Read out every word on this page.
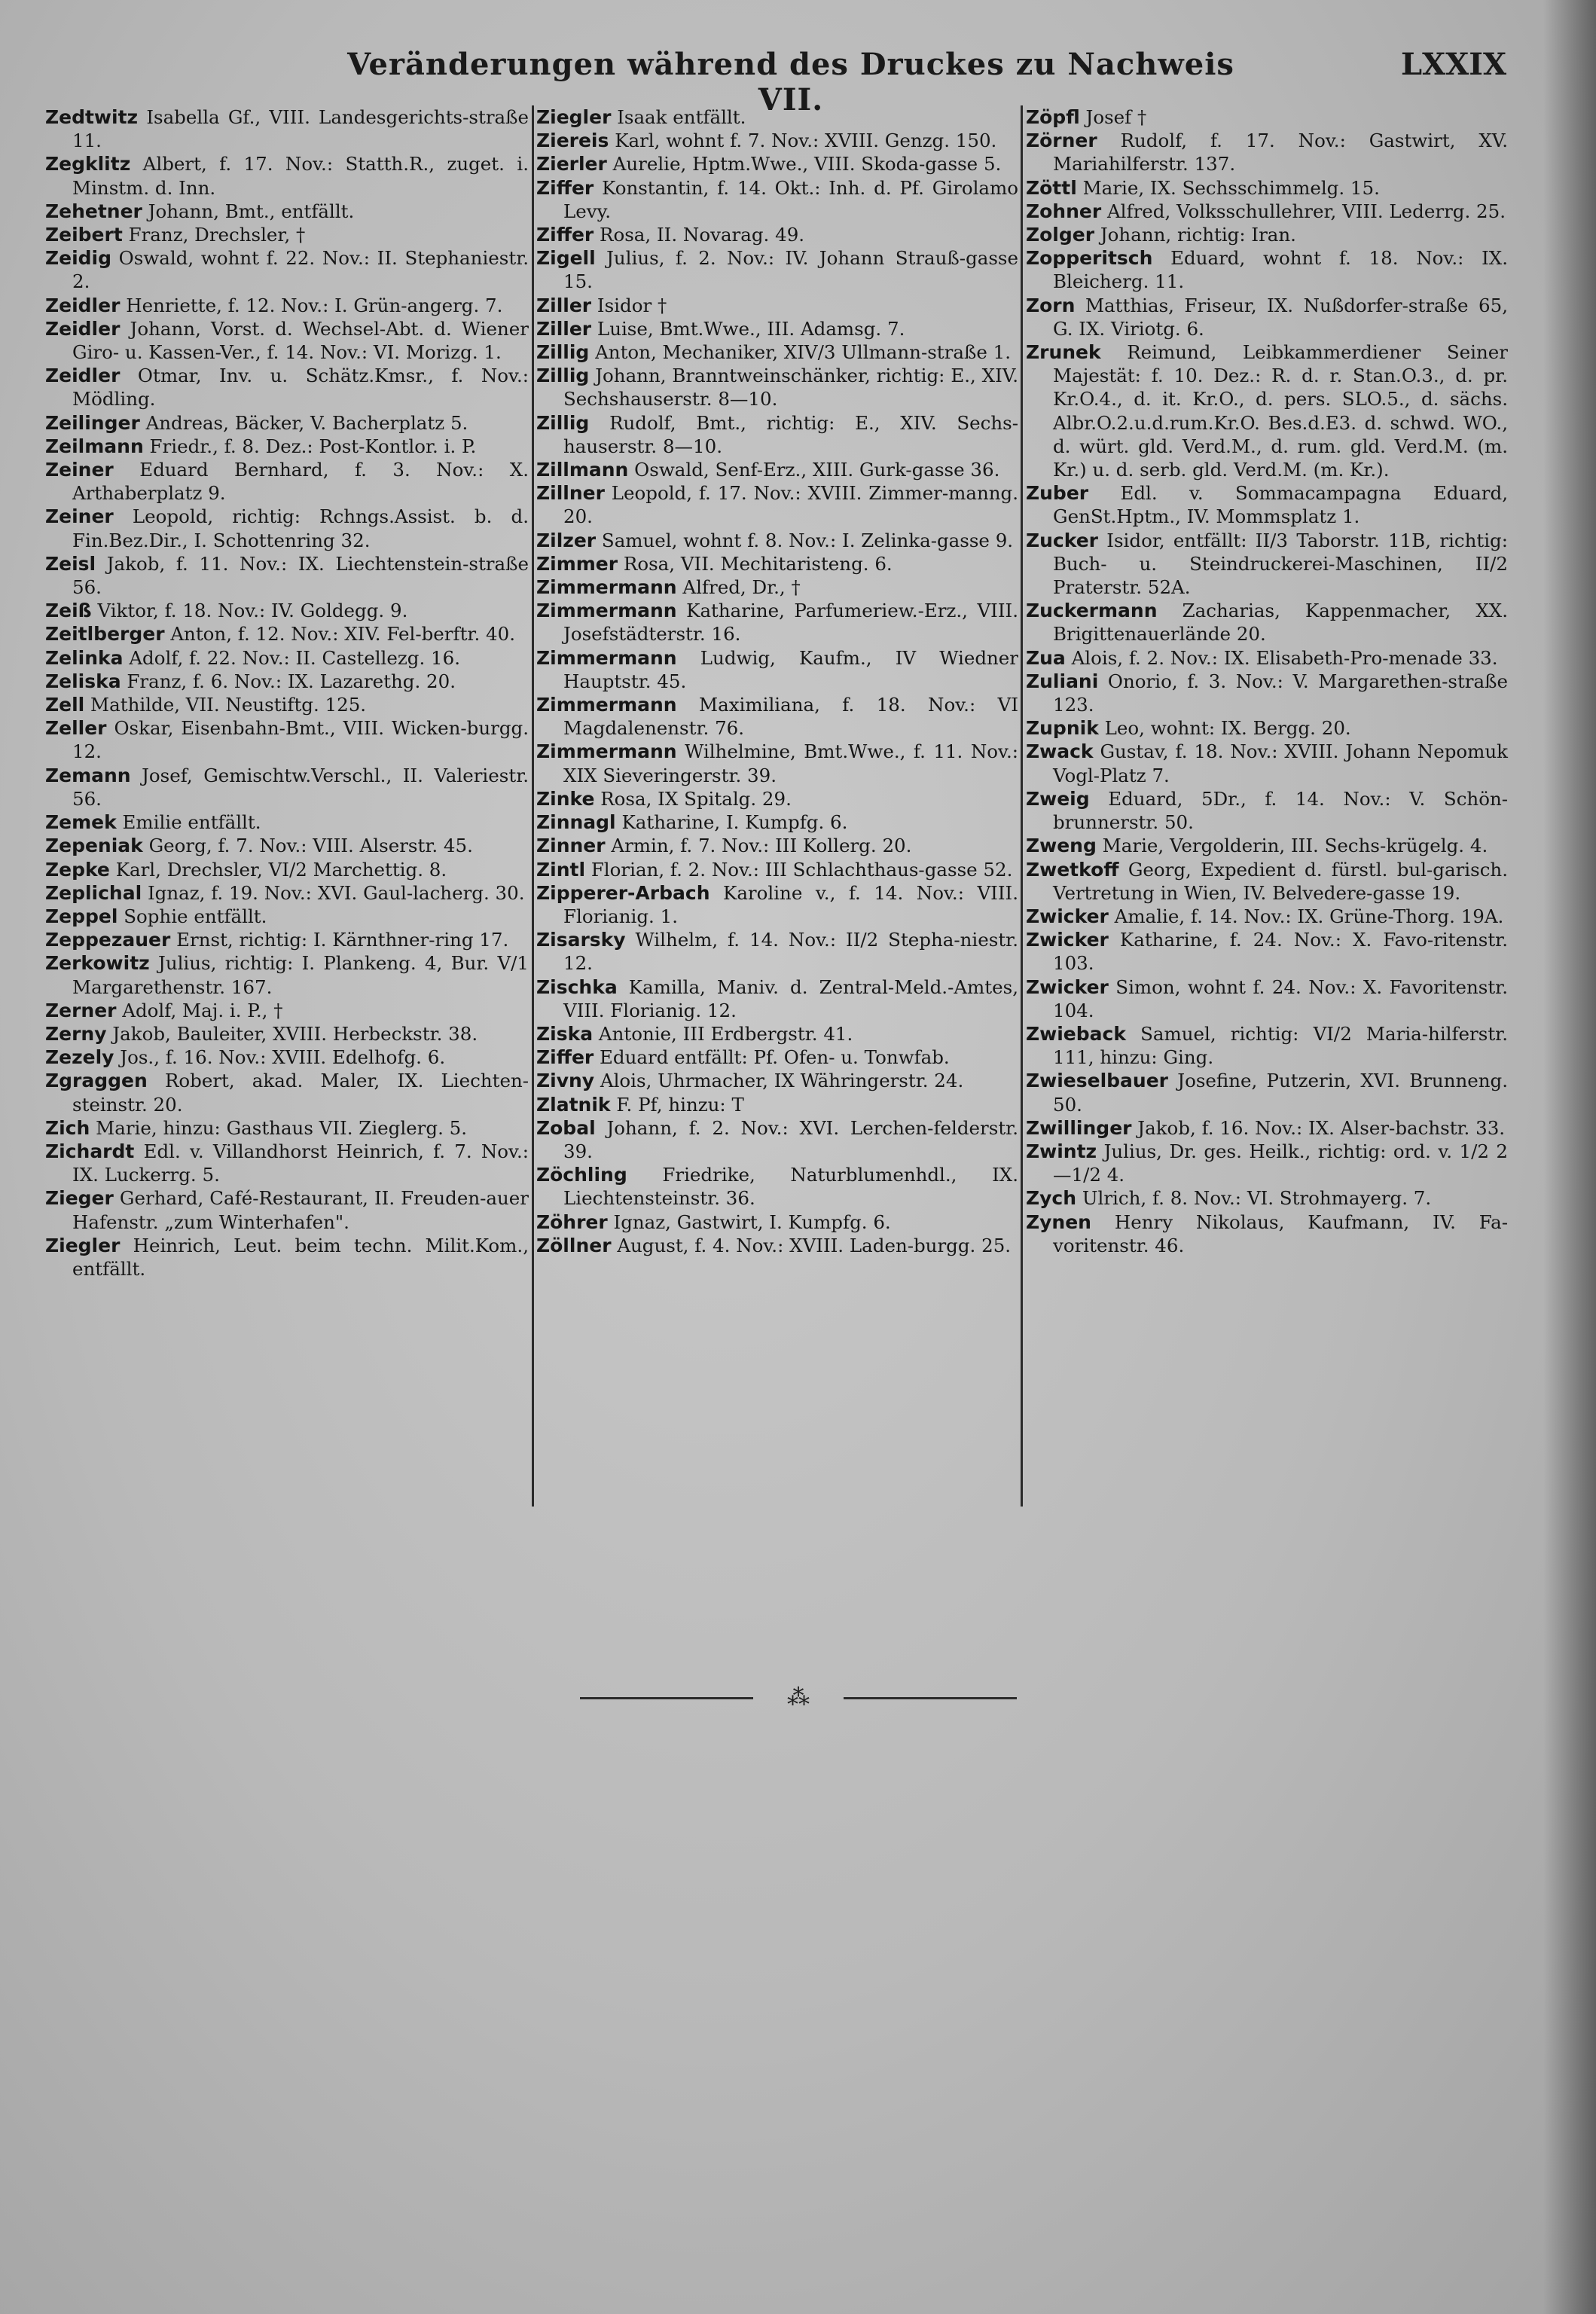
Veränderungen während des Druckes zu Nachweis VII.
LXXIX
Zedtwitz Isabella Gf., VIII. Landesgerichts-straße 11.
Zegklitz Albert, f. 17. Nov.: Statth.R., zuget. i. Minstm. d. Inn.
Zehetner Johann, Bmt., entfällt.
Zeibert Franz, Drechsler, †
Zeidig Oswald, wohnt f. 22. Nov.: II. Stephaniestr. 2.
Zeidler Henriette, f. 12. Nov.: I. Grün-angerg. 7.
Zeidler Johann, Vorst. d. Wechsel-Abt. d. Wiener Giro- u. Kassen-Ver., f. 14. Nov.: VI. Morizg. 1.
Zeidler Otmar, Inv. u. Schätz.Kmsr., f. Nov.: Mödling.
Zeilinger Andreas, Bäcker, V. Bacherplatz 5.
Zeilmann Friedr., f. 8. Dez.: Post-Kontlor. i. P.
Zeiner Eduard Bernhard, f. 3. Nov.: X. Arthaberplatz 9.
Zeiner Leopold, richtig: Rchngs.Assist. b. d. Fin.Bez.Dir., I. Schottenring 32.
Zeisl Jakob, f. 11. Nov.: IX. Liechtenstein-straße 56.
Zeiß Viktor, f. 18. Nov.: IV. Goldegg. 9.
Zeitlberger Anton, f. 12. Nov.: XIV. Fel-berftr. 40.
Zelinka Adolf, f. 22. Nov.: II. Castellezg. 16.
Zeliska Franz, f. 6. Nov.: IX. Lazarethg. 20.
Zell Mathilde, VII. Neustiftg. 125.
Zeller Oskar, Eisenbahn-Bmt., VIII. Wicken-burgg. 12.
Zemann Josef, Gemischtw.Verschl., II. Valeriestr. 56.
Zemek Emilie entfällt.
Zepeniak Georg, f. 7. Nov.: VIII. Alserstr. 45.
Zepke Karl, Drechsler, VI/2 Marchettig. 8.
Zeplichal Ignaz, f. 19. Nov.: XVI. Gaul-lacherg. 30.
Zeppel Sophie entfällt.
Zeppezauer Ernst, richtig: I. Kärnthner-ring 17.
Zerkowitz Julius, richtig: I. Plankeng. 4, Bur. V/1 Margarethenstr. 167.
Zerner Adolf, Maj. i. P., †
Zerny Jakob, Bauleiter, XVIII. Herbeckstr. 38.
Zezely Jos., f. 16. Nov.: XVIII. Edelhofg. 6.
Zgraggen Robert, akad. Maler, IX. Liechten-steinstr. 20.
Zich Marie, hinzu: Gasthaus VII. Zieglerg. 5.
Zichardt Edl. v. Villandhorst Heinrich, f. 7. Nov.: IX. Luckerrg. 5.
Zieger Gerhard, Café-Restaurant, II. Freuden-auer Hafenstr. „zum Winterhafen".
Ziegler Heinrich, Leut. beim techn. Milit.Kom., entfällt.
Ziegler Isaak entfällt.
Ziereis Karl, wohnt f. 7. Nov.: XVIII. Genzg. 150.
Zierler Aurelie, Hptm.Wwe., VIII. Skoda-gasse 5.
Ziffer Konstantin, f. 14. Okt.: Inh. d. Pf. Girolamo Levy.
Ziffer Rosa, II. Novarag. 49.
Zigell Julius, f. 2. Nov.: IV. Johann Strauß-gasse 15.
Ziller Isidor †
Ziller Luise, Bmt.Wwe., III. Adamsg. 7.
Zillig Anton, Mechaniker, XIV/3 Ullmann-straße 1.
Zillig Johann, Branntweinschänker, richtig: E., XIV. Sechshauserstr. 8—10.
Zillig Rudolf, Bmt., richtig: E., XIV. Sechs-hauserstr. 8—10.
Zillmann Oswald, Senf-Erz., XIII. Gurk-gasse 36.
Zillner Leopold, f. 17. Nov.: XVIII. Zimmer-manng. 20.
Zilzer Samuel, wohnt f. 8. Nov.: I. Zelinka-gasse 9.
Zimmer Rosa, VII. Mechitaristeng. 6.
Zimmermann Alfred, Dr., †
Zimmermann Katharine, Parfumeriew.-Erz., VIII. Josefstädterstr. 16.
Zimmermann Ludwig, Kaufm., IV Wiedner Hauptstr. 45.
Zimmermann Maximiliana, f. 18. Nov.: VI Magdalenenstr. 76.
Zimmermann Wilhelmine, Bmt.Wwe., f. 11. Nov.: XIX Sieveringerstr. 39.
Zinke Rosa, IX Spitalg. 29.
Zinnagl Katharine, I. Kumpfg. 6.
Zinner Armin, f. 7. Nov.: III Kollerg. 20.
Zintl Florian, f. 2. Nov.: III Schlachthaus-gasse 52.
Zipperer-Arbach Karoline v., f. 14. Nov.: VIII. Florianig. 1.
Zisarsky Wilhelm, f. 14. Nov.: II/2 Stepha-niestr. 12.
Zischka Kamilla, Maniv. d. Zentral-Meld.-Amtes, VIII. Florianig. 12.
Ziska Antonie, III Erdbergstr. 41.
Ziffer Eduard entfällt: Pf. Ofen- u. Tonwfab.
Zivny Alois, Uhrmacher, IX Währingerstr. 24.
Zlatnik F. Pf, hinzu: T
Zobal Johann, f. 2. Nov.: XVI. Lerchen-felderstr. 39.
Zöchling Friedrike, Naturblumenhdl., IX. Liechtensteinstr. 36.
Zöhrer Ignaz, Gastwirt, I. Kumpfg. 6.
Zöllner August, f. 4. Nov.: XVIII. Laden-burgg. 25.
Zöpfl Josef †
Zörner Rudolf, f. 17. Nov.: Gastwirt, XV. Mariahilferstr. 137.
Zöttl Marie, IX. Sechsschimmelg. 15.
Zohner Alfred, Volksschullehrer, VIII. Lederrg. 25.
Zolger Johann, richtig: Iran.
Zopperitsch Eduard, wohnt f. 18. Nov.: IX. Bleicherg. 11.
Zorn Matthias, Friseur, IX. Nußdorfer-straße 65, G. IX. Viriotg. 6.
Zrunek Reimund, Leibkammerdiener Seiner Majestät: f. 10. Dez.: R. d. r. Stan.O.3., d. pr. Kr.O.4., d. it. Kr.O., d. pers. SLO.5., d. sächs. Albr.O.2.u.d.rum.Kr.O. Bes.d.E3. d. schwd. WO., d. würt. gld. Verd.M., d. rum. gld. Verd.M. (m. Kr.) u. d. serb. gld. Verd.M. (m. Kr.).
Zuber Edl. v. Sommacampagna Eduard, GenSt.Hptm., IV. Mommsplatz 1.
Zucker Isidor, entfällt: II/3 Taborstr. 11B, richtig: Buch- u. Steindruckerei-Maschinen, II/2 Praterstr. 52A.
Zuckermann Zacharias, Kappenmacher, XX. Brigittenauerlände 20.
Zua Alois, f. 2. Nov.: IX. Elisabeth-Pro-menade 33.
Zuliani Onorio, f. 3. Nov.: V. Margarethen-straße 123.
Zupnik Leo, wohnt: IX. Bergg. 20.
Zwack Gustav, f. 18. Nov.: XVIII. Johann Nepomuk Vogl-Platz 7.
Zweig Eduard, 5Dr., f. 14. Nov.: V. Schön-brunnerstr. 50.
Zweng Marie, Vergolderin, III. Sechs-krügelg. 4.
Zwetkoff Georg, Expedient d. fürstl. bul-garisch. Vertretung in Wien, IV. Belvedere-gasse 19.
Zwicker Amalie, f. 14. Nov.: IX. Grüne-Thorg. 19A.
Zwicker Katharine, f. 24. Nov.: X. Favo-ritenstr. 103.
Zwicker Simon, wohnt f. 24. Nov.: X. Favoritenstr. 104.
Zwieback Samuel, richtig: VI/2 Maria-hilferstr. 111, hinzu: Ging.
Zwieselbauer Josefine, Putzerin, XVI. Brunneng. 50.
Zwillinger Jakob, f. 16. Nov.: IX. Alser-bachstr. 33.
Zwintz Julius, Dr. ges. Heilk., richtig: ord. v. 1/2 2—1/2 4.
Zych Ulrich, f. 8. Nov.: VI. Strohmayerg. 7.
Zynen Henry Nikolaus, Kaufmann, IV. Fa-voritenstr. 46.
⁂
